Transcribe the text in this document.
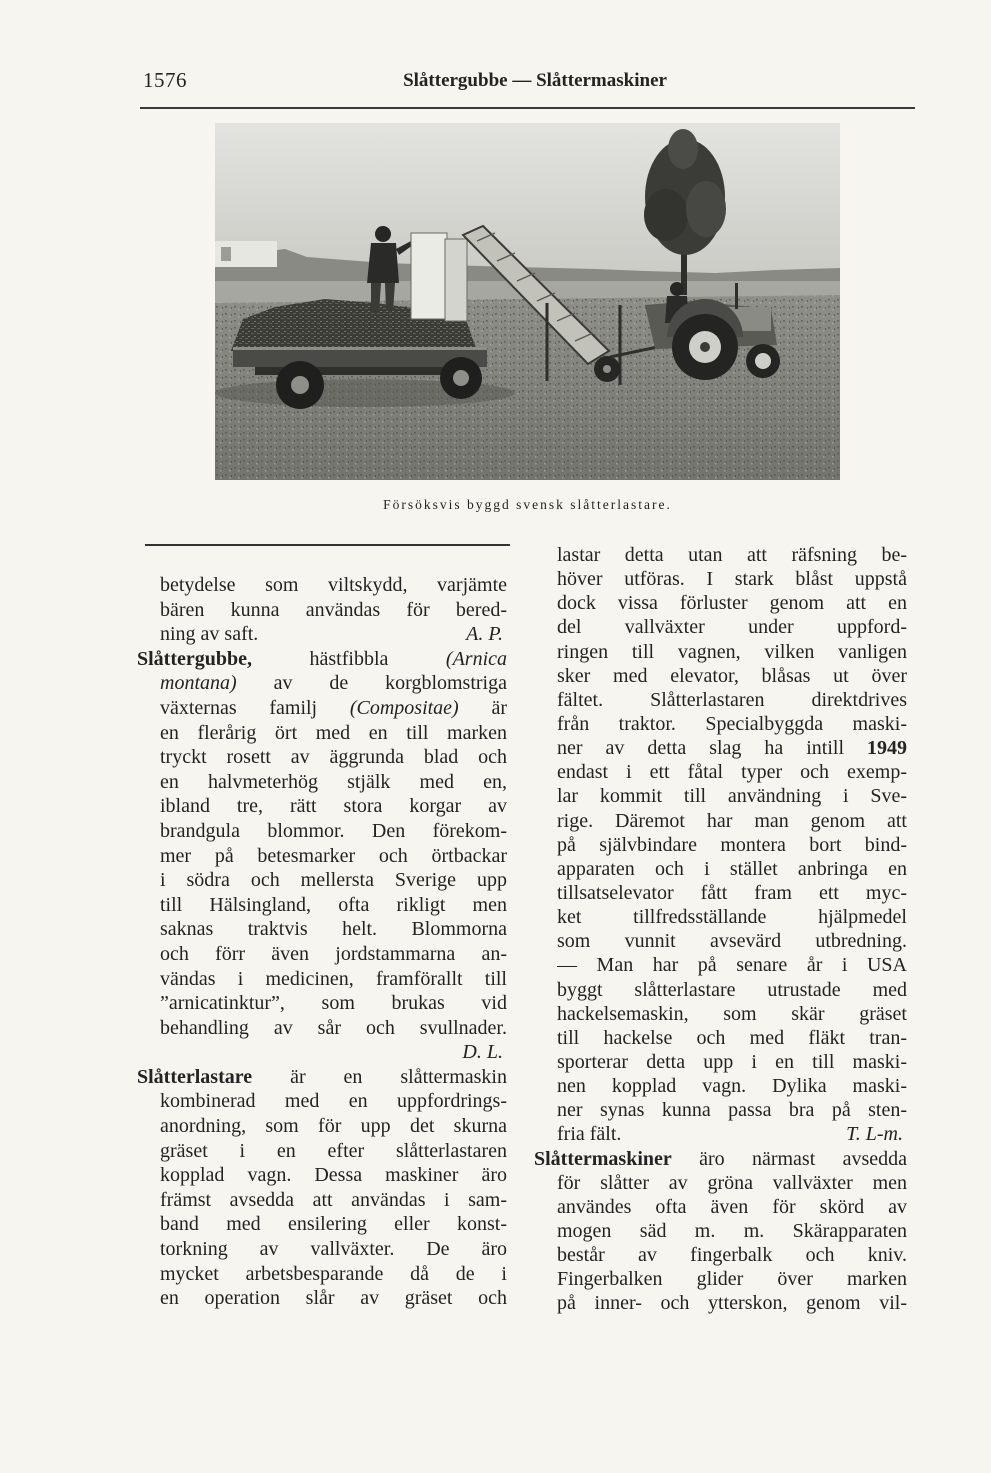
1576	Slåttergubbe — Slåttermaskiner
Försöksvis byggd svensk slåtterlastare.
betydelse som viltskydd, varjämte
bären kunna användas för bered-
ning av saft.	A. P.
Slåttergubbe, hästfibbla (Arnica
montana) av de korgblomstriga
växternas familj (Compositae) är
en flerårig ört med en till marken
tryckt rosett av äggrunda blad och
en halvmeterhög stjälk med en,
ibland tre, rätt stora korgar av
brandgula blommor. Den förekom-
mer på betesmarker och örtbackar
i södra och mellersta Sverige upp
till Hälsingland, ofta rikligt men
saknas traktvis helt. Blommorna
och förr även jordstammarna an-
vändas i medicinen, framförallt till
”arnicatinktur”, som brukas vid
behandling av sår och svullnader.
D. L.
Slåtterlastare är en slåttermaskin
kombinerad med en uppfordrings-
anordning, som för upp det skurna
gräset i en efter slåtterlastaren
kopplad vagn. Dessa maskiner äro
främst avsedda att användas i sam-
band med ensilering eller konst-
torkning av vallväxter. De äro
mycket arbetsbesparande då de i
en operation slår av gräset och
lastar detta utan att räfsning be-
höver utföras. I stark blåst uppstå
dock vissa förluster genom att en
del vallväxter under uppford-
ringen till vagnen, vilken vanligen
sker med elevator, blåsas ut över
fältet. Slåtterlastaren direktdrives
från traktor. Specialbyggda maski-
ner av detta slag ha intill 1949
endast i ett fåtal typer och exemp-
lar kommit till användning i Sve-
rige. Däremot har man genom att
på självbindare montera bort bind-
apparaten och i stället anbringa en
tillsatselevator fått fram ett myc-
ket tillfredsställande hjälpmedel
som vunnit avsevärd utbredning.
— Man har på senare år i USA
byggt slåtterlastare utrustade med
hackelsemaskin, som skär gräset
till hackelse och med fläkt tran-
sporterar detta upp i en till maski-
nen kopplad vagn. Dylika maski-
ner synas kunna passa bra på sten-
fria fält.	T. L-m.
Slåttermaskiner äro närmast avsedda
för slåtter av gröna vallväxter men
användes ofta även för skörd av
mogen säd m. m. Skärapparaten
består av fingerbalk och kniv.
Fingerbalken glider över marken
på inner- och ytterskon, genom vil-
